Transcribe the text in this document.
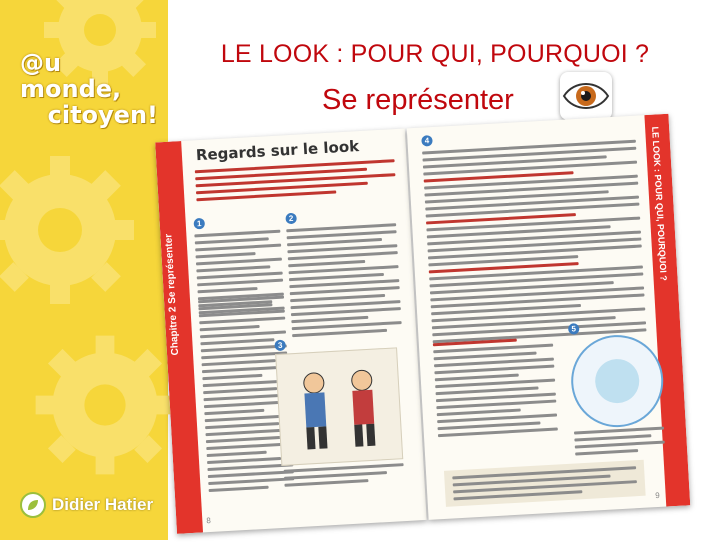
@u monde,
citoyen!
Didier Hatier
LE LOOK : POUR QUI, POURQUOI ?
Se représenter
Chapitre 2 Se représenter
Regards sur le look
1
2
3
8
LE LOOK : POUR QUI, POURQUOI ?
4
5
9
